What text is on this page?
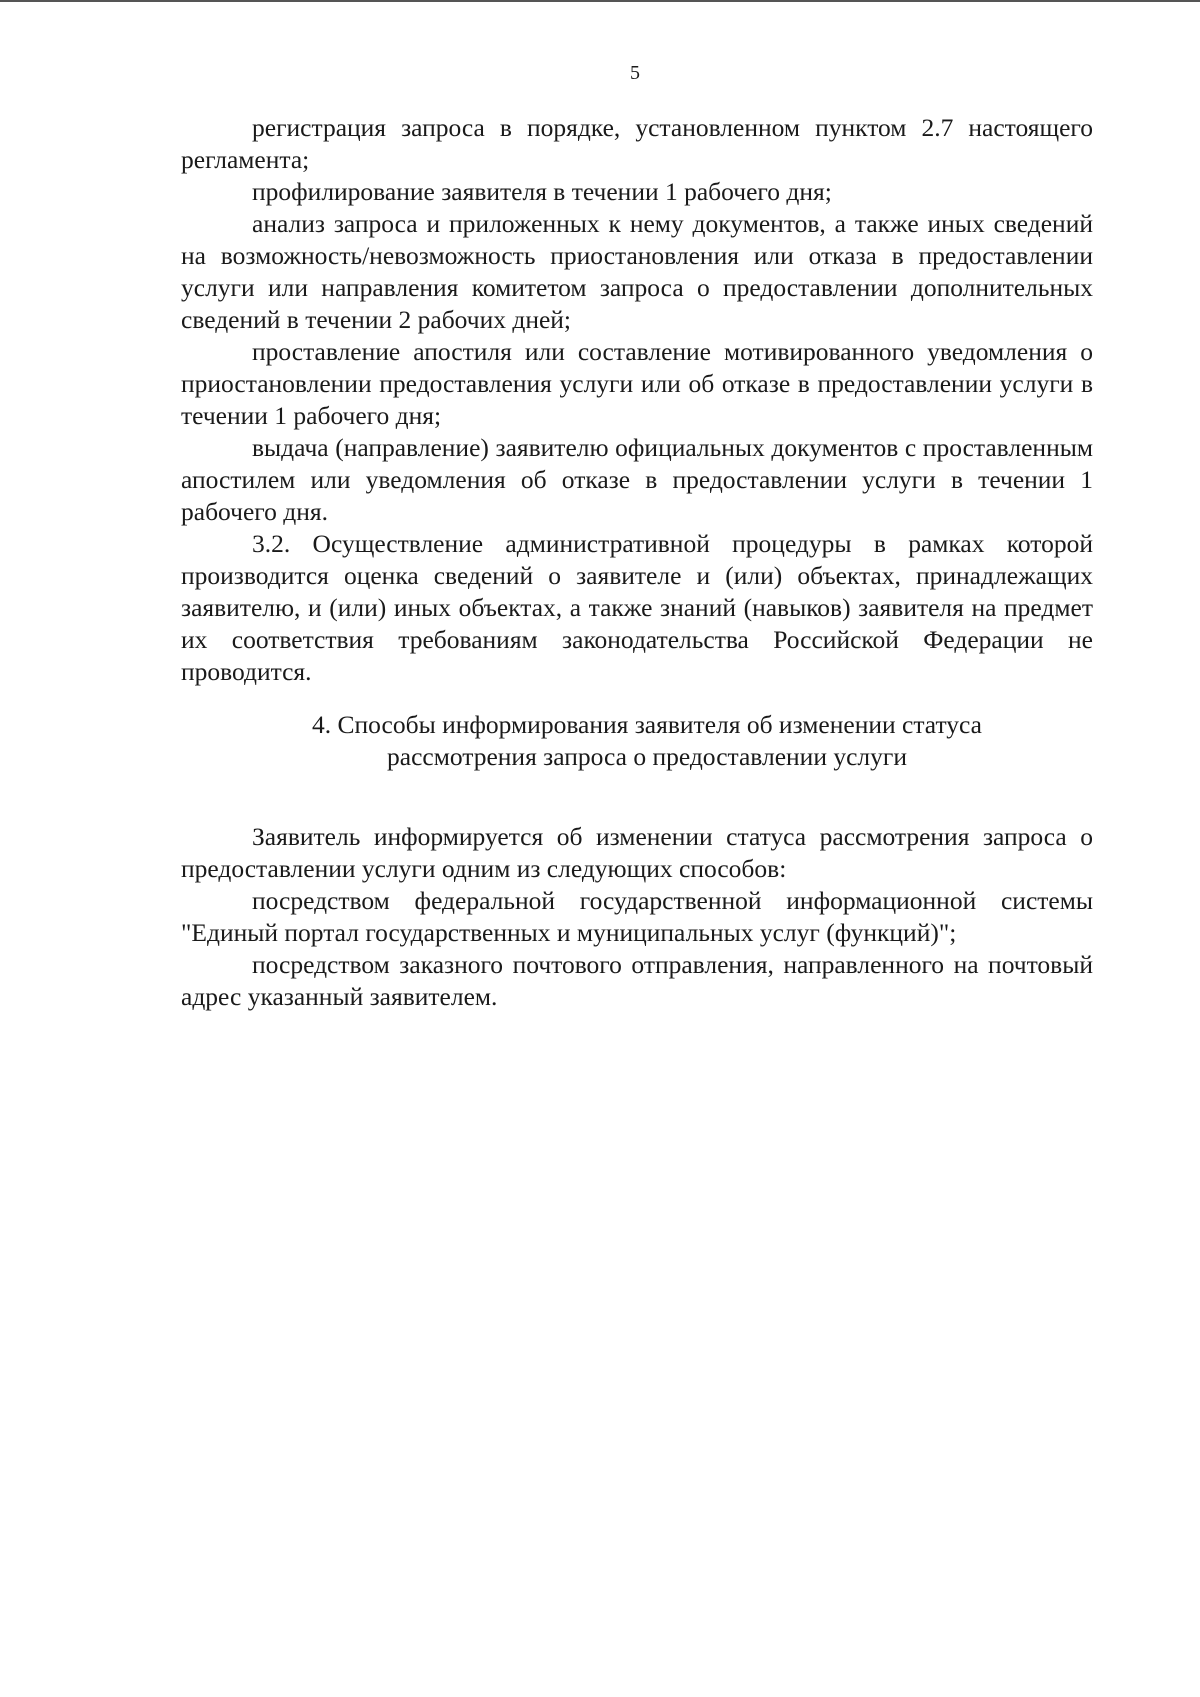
5

регистрация запроса в порядке, установленном пунктом 2.7 настоящего регламента;

профилирование заявителя в течении 1 рабочего дня;

анализ запроса и приложенных к нему документов, а также иных сведений на возможность/невозможность приостановления или отказа в предоставлении услуги или направления комитетом запроса о предоставлении дополнительных сведений в течении 2 рабочих дней;

проставление апостиля или составление мотивированного уведомления о приостановлении предоставления услуги или об отказе в предоставлении услуги в течении 1 рабочего дня;

выдача (направление) заявителю официальных документов с проставленным апостилем или уведомления об отказе в предоставлении услуги в течении 1 рабочего дня.

3.2. Осуществление административной процедуры в рамках которой производится оценка сведений о заявителе и (или) объектах, принадлежащих заявителю, и (или) иных объектах, а также знаний (навыков) заявителя на предмет их соответствия требованиям законодательства Российской Федерации не проводится.

4. Способы информирования заявителя об изменении статуса
рассмотрения запроса о предоставлении услуги

Заявитель информируется об изменении статуса рассмотрения запроса о предоставлении услуги одним из следующих способов:

посредством федеральной государственной информационной системы "Единый портал государственных и муниципальных услуг (функций)";

посредством заказного почтового отправления, направленного на почтовый адрес указанный заявителем.
